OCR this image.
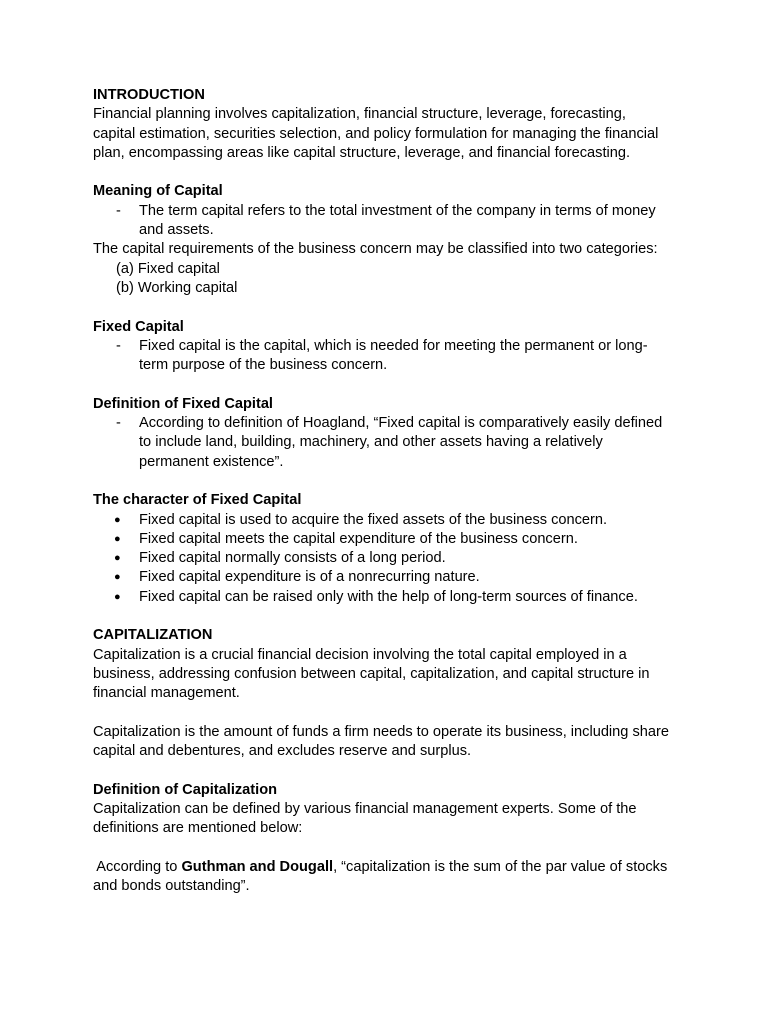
INTRODUCTION

Financial planning involves capitalization, financial structure, leverage, forecasting, capital estimation, securities selection, and policy formulation for managing the financial plan, encompassing areas like capital structure, leverage, and financial forecasting.

Meaning of Capital

- The term capital refers to the total investment of the company in terms of money and assets.

The capital requirements of the business concern may be classified into two categories:

(a) Fixed capital

(b) Working capital

Fixed Capital

- Fixed capital is the capital, which is needed for meeting the permanent or long-term purpose of the business concern.

Definition of Fixed Capital

- According to definition of Hoagland, “Fixed capital is comparatively easily defined to include land, building, machinery, and other assets having a relatively permanent existence”.

The character of Fixed Capital

● Fixed capital is used to acquire the fixed assets of the business concern.
● Fixed capital meets the capital expenditure of the business concern.
● Fixed capital normally consists of a long period.
● Fixed capital expenditure is of a nonrecurring nature.
● Fixed capital can be raised only with the help of long-term sources of finance.

CAPITALIZATION

Capitalization is a crucial financial decision involving the total capital employed in a business, addressing confusion between capital, capitalization, and capital structure in financial management.

Capitalization is the amount of funds a firm needs to operate its business, including share capital and debentures, and excludes reserve and surplus.

Definition of Capitalization

Capitalization can be defined by various financial management experts. Some of the definitions are mentioned below:

According to Guthman and Dougall, “capitalization is the sum of the par value of stocks and bonds outstanding”.
